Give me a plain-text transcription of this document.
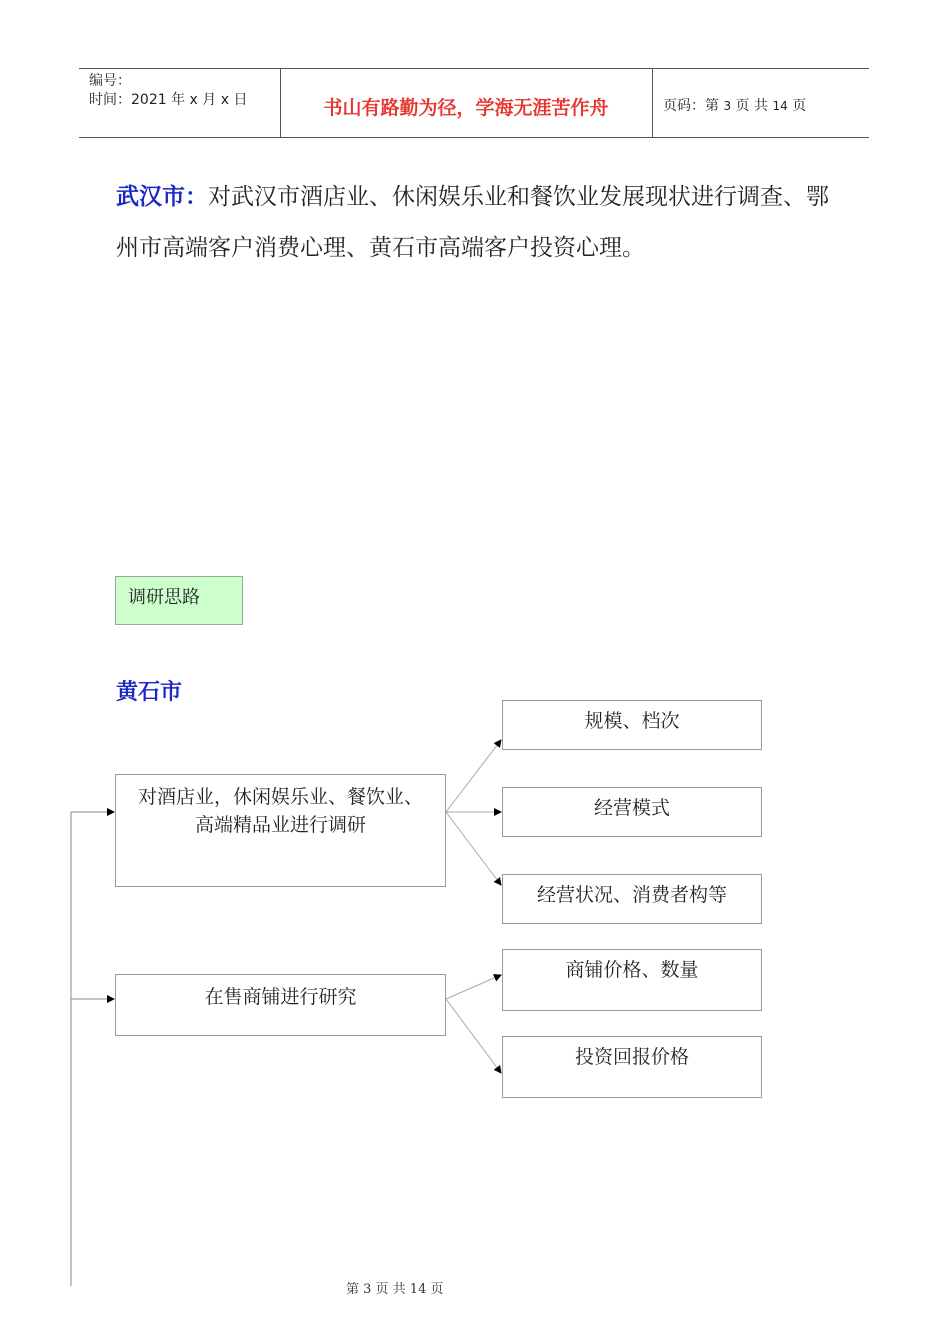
编号：
时间：2021 年 x 月 x 日	书山有路勤为径，学海无涯苦作舟	页码：第 3 页 共 14 页
武汉市：对武汉市酒店业、休闲娱乐业和餐饮业发展现状进行调查、鄂州市高端客户消费心理、黄石市高端客户投资心理。
调研思路
黄石市
对酒店业，休闲娱乐业、餐饮业、高端精品业进行调研
在售商铺进行研究
规模、档次
经营模式
经营状况、消费者构等
商铺价格、数量
投资回报价格
第 3 页 共 14 页
